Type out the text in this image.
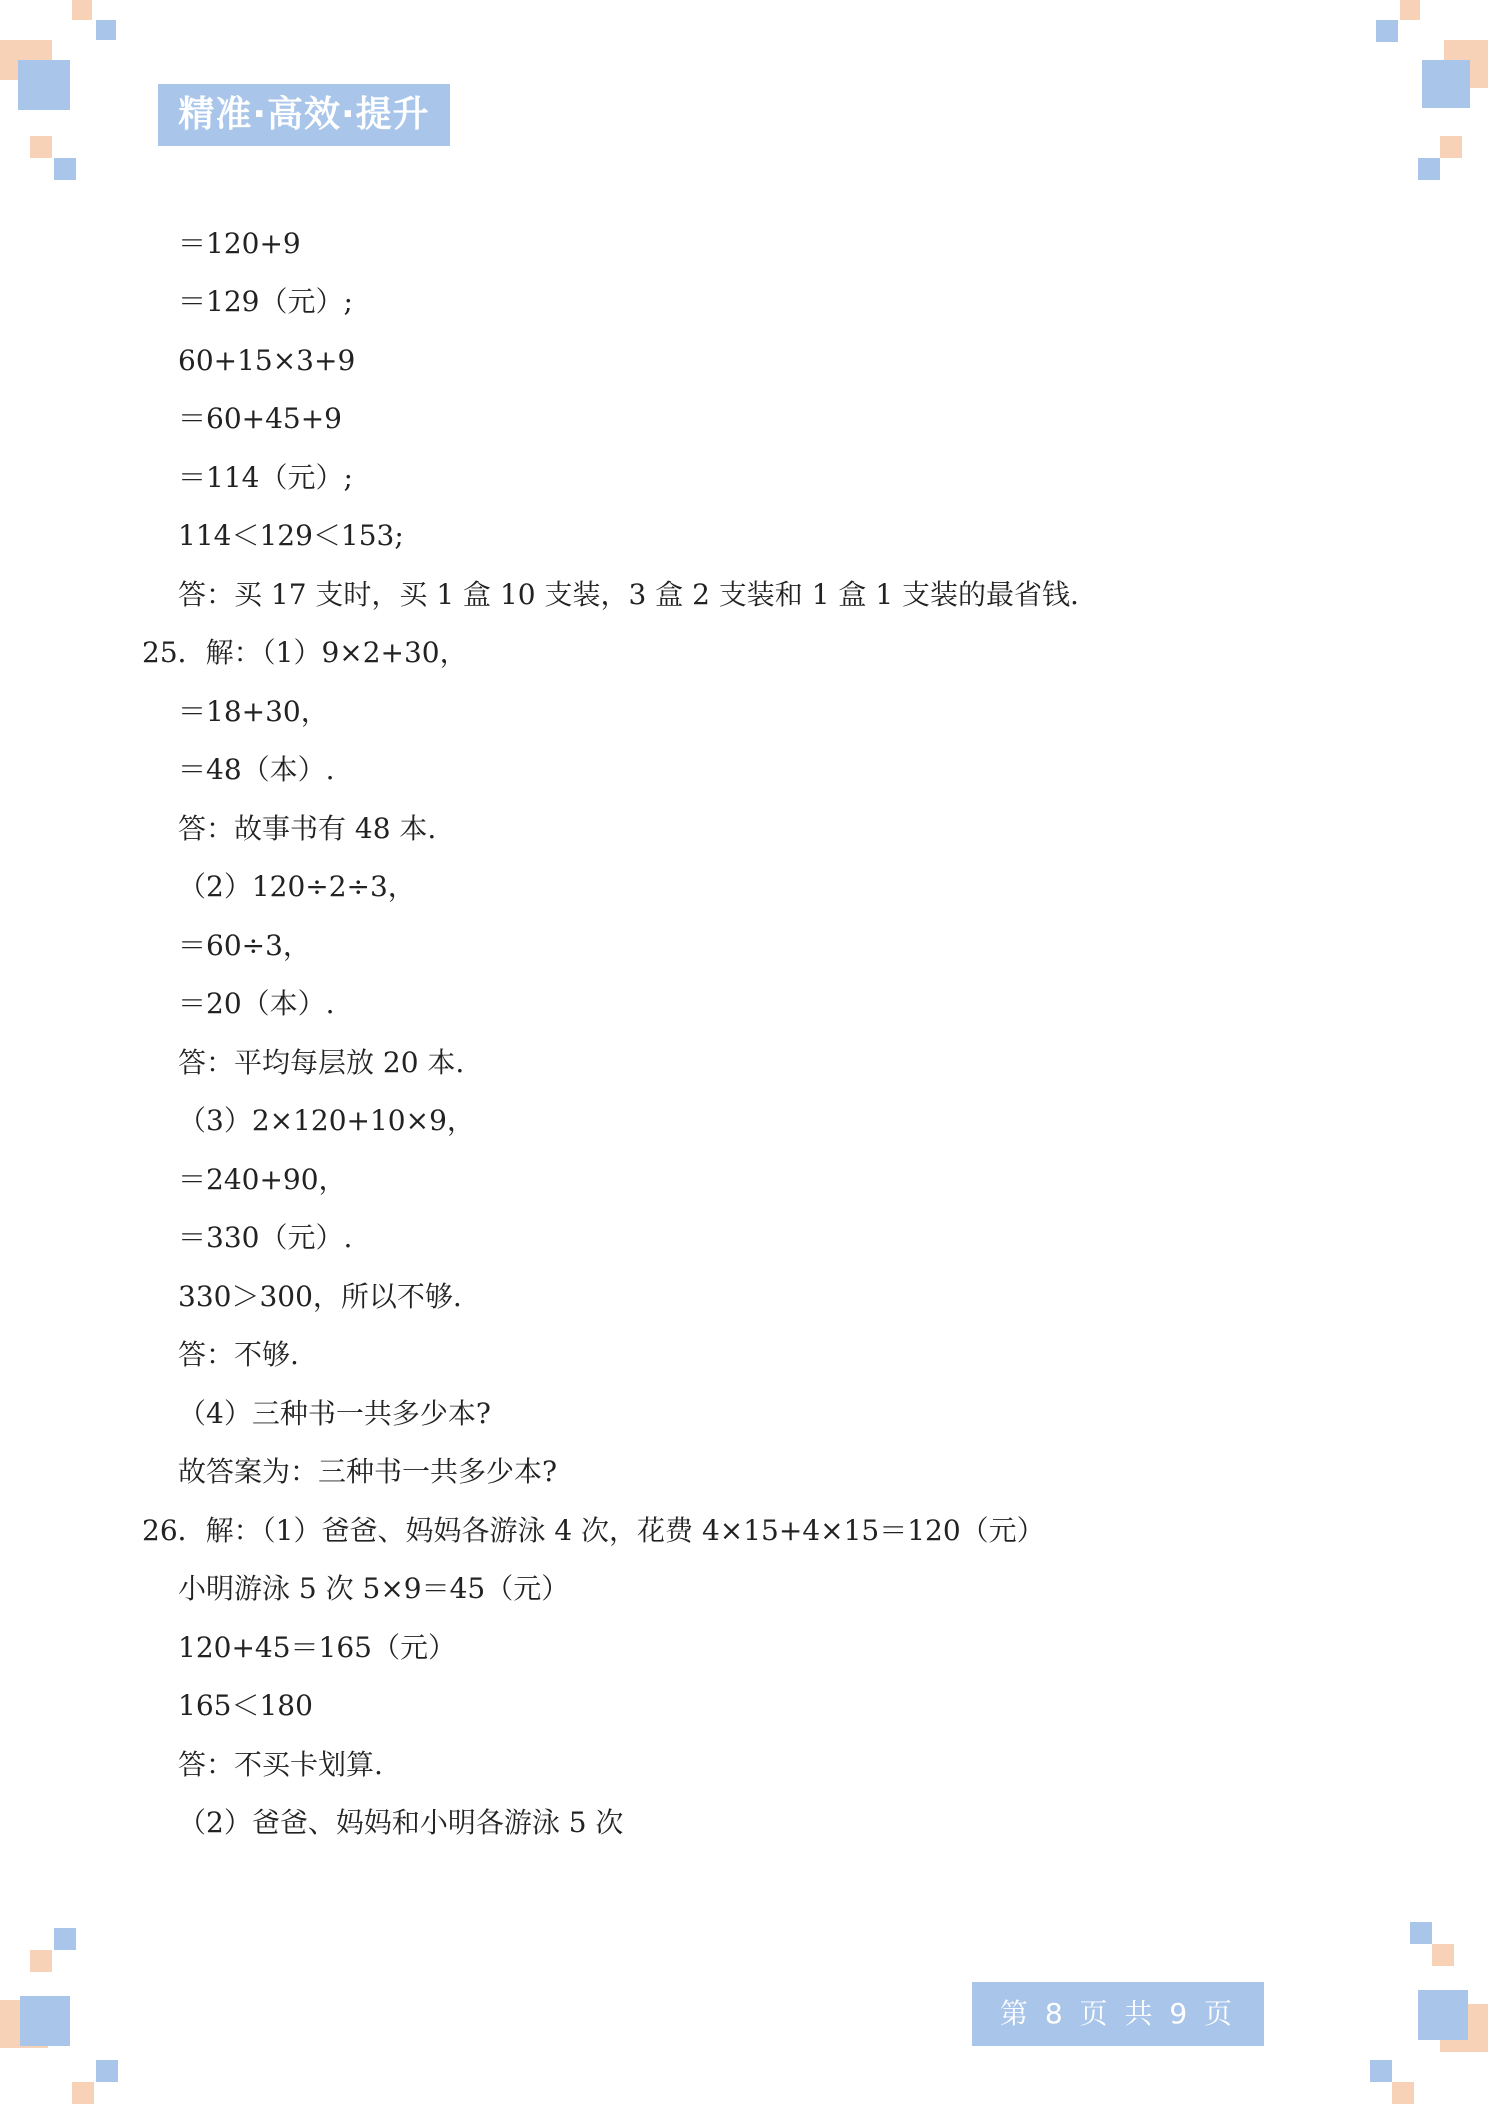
精准·高效·提升
＝120+9
＝129（元）;
60+15×3+9
＝60+45+9
＝114（元）;
114＜129＜153;
答：买 17 支时，买 1 盒 10 支装，3 盒 2 支装和 1 盒 1 支装的最省钱.
25．解：（1）9×2+30，
＝18+30，
＝48（本）.
答：故事书有 48 本.
（2）120÷2÷3，
＝60÷3，
＝20（本）.
答：平均每层放 20 本.
（3）2×120+10×9，
＝240+90，
＝330（元）.
330＞300，所以不够.
答：不够.
（4）三种书一共多少本?
故答案为：三种书一共多少本?
26．解：（1）爸爸、妈妈各游泳 4 次，花费 4×15+4×15＝120（元）
小明游泳 5 次 5×9＝45（元）
120+45＝165（元）
165＜180
答：不买卡划算.
（2）爸爸、妈妈和小明各游泳 5 次
第 8 页 共 9 页
